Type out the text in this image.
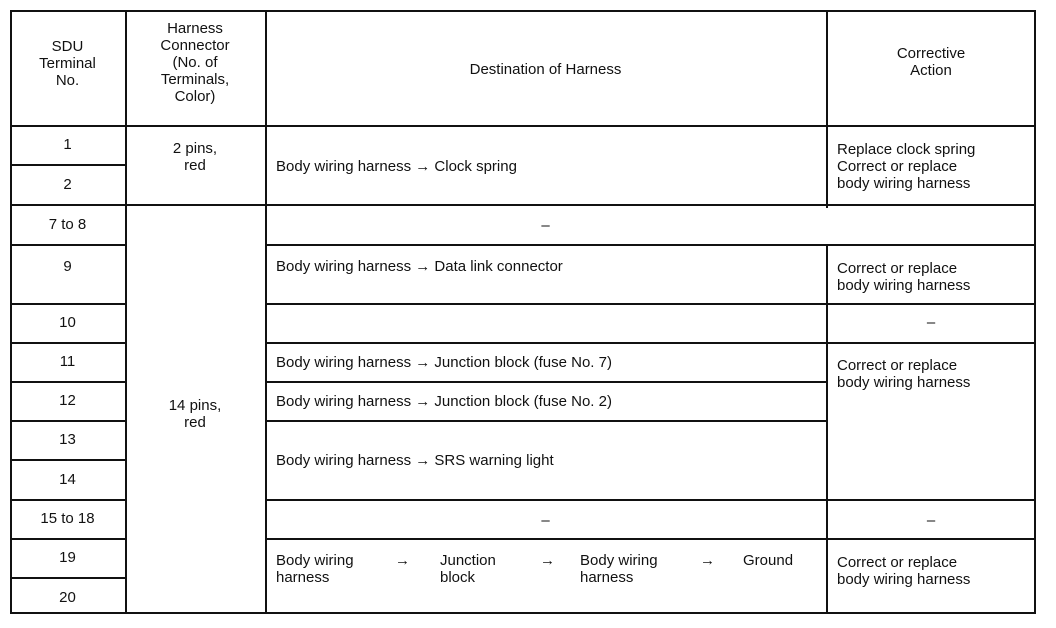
SDU
Terminal
No.
Harness
Connector
(No. of
Terminals,
Color)
Destination of Harness
Corrective
Action
1
2
7 to 8
9
10
11
12
13
14
15 to 18
19
20
2 pins,
red
14 pins,
red
Body wiring harness → Clock spring
–
Body wiring harness → Data link connector
Body wiring harness → Junction block (fuse No. 7)
Body wiring harness → Junction block (fuse No. 2)
Body wiring harness → SRS warning light
–
Body wiring
harness
→ Junction
block
→ Body wiring
harness
→ Ground
Replace clock spring
Correct or replace
body wiring harness
Correct or replace
body wiring harness
–
Correct or replace
body wiring harness
–
Correct or replace
body wiring harness
